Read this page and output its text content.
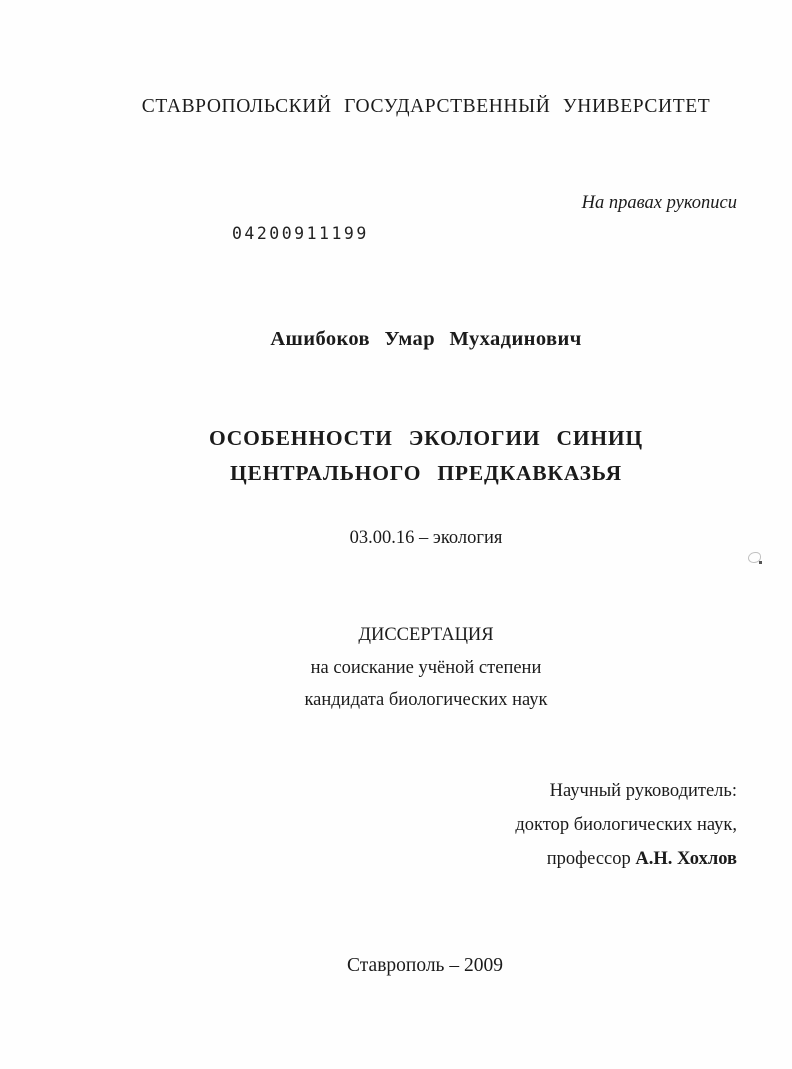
СТАВРОПОЛЬСКИЙ ГОСУДАРСТВЕННЫЙ УНИВЕРСИТЕТ
На правах рукописи
04200911199
Ашибоков Умар Мухадинович
ОСОБЕННОСТИ ЭКОЛОГИИ СИНИЦ
ЦЕНТРАЛЬНОГО ПРЕДКАВКАЗЬЯ
03.00.16 – экология
ДИССЕРТАЦИЯ
на соискание учёной степени
кандидата биологических наук
Научный руководитель:
доктор биологических наук,
профессор А.Н. Хохлов
Ставрополь – 2009
